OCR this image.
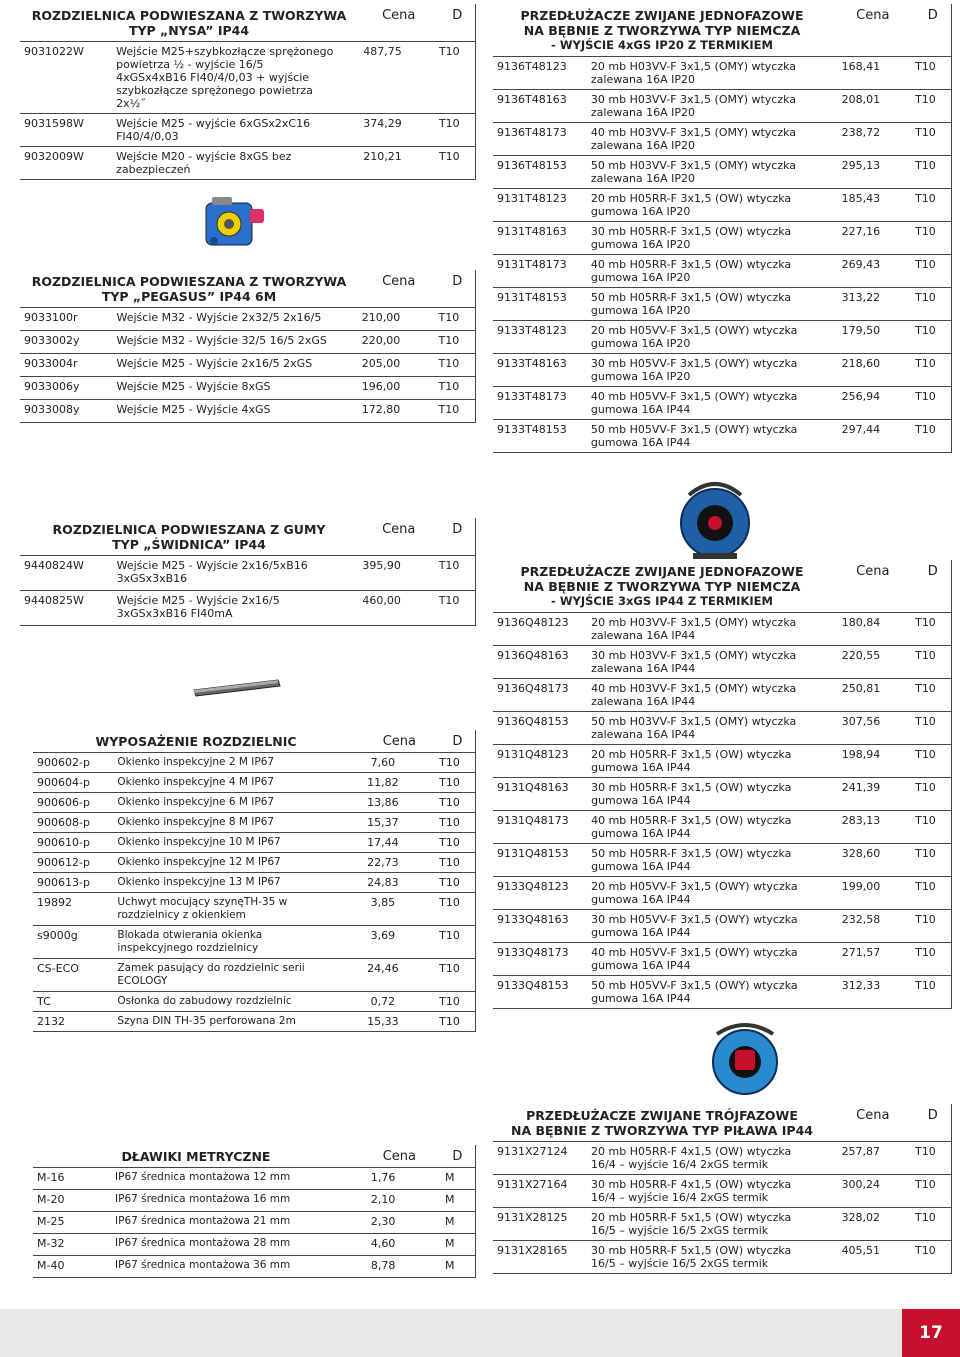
ROZDZIELNICA PODWIESZANA Z TWORZYWA
TYP „NYSA” IP44
	Cena	D
9031022W	Wejście M25+szybkozłącze sprężonego powietrza ½ - wyjście 16/5 4xGSx4xB16 FI40/4/0,03 + wyjście szybkozłącze sprężonego powietrza 2x½˝	487,75	T10
9031598W	Wejście M25 - wyjście 6xGSx2xC16 FI40/4/0,03	374,29	T10
9032009W	Wejście M20 - wyjście 8xGS bez zabezpieczeń	210,21	T10
ROZDZIELNICA PODWIESZANA Z TWORZYWA
TYP „PEGASUS” IP44 6M
	Cena	D
9033100r	Wejście M32 - Wyjście 2x32/5 2x16/5	210,00	T10
9033002y	Wejście M32 - Wyjście 32/5 16/5 2xGS	220,00	T10
9033004r	Wejście M25 - Wyjście 2x16/5 2xGS	205,00	T10
9033006y	Wejście M25 - Wyjście 8xGS	196,00	T10
9033008y	Wejście M25 - Wyjście 4xGS	172,80	T10
PRZEDŁUŻACZE ZWIJANE JEDNOFAZOWE
NA BĘBNIE Z TWORZYWA TYP NIEMCZA
- WYJŚCIE 4xGS IP20 Z TERMIKIEM
	Cena	D
9136T48123	20 mb H03VV-F 3x1,5 (OMY) wtyczka zalewana 16A IP20	168,41	T10
9136T48163	30 mb H03VV-F 3x1,5 (OMY) wtyczka zalewana 16A IP20	208,01	T10
9136T48173	40 mb H03VV-F 3x1,5 (OMY) wtyczka zalewana 16A IP20	238,72	T10
9136T48153	50 mb H03VV-F 3x1,5 (OMY) wtyczka zalewana 16A IP20	295,13	T10
9131T48123	20 mb H05RR-F 3x1,5 (OW) wtyczka gumowa 16A IP20	185,43	T10
9131T48163	30 mb H05RR-F 3x1,5 (OW) wtyczka gumowa 16A IP20	227,16	T10
9131T48173	40 mb H05RR-F 3x1,5 (OW) wtyczka gumowa 16A IP20	269,43	T10
9131T48153	50 mb H05RR-F 3x1,5 (OW) wtyczka gumowa 16A IP20	313,22	T10
9133T48123	20 mb H05VV-F 3x1,5 (OWY) wtyczka gumowa 16A IP20	179,50	T10
9133T48163	30 mb H05VV-F 3x1,5 (OWY) wtyczka gumowa 16A IP20	218,60	T10
9133T48173	40 mb H05VV-F 3x1,5 (OWY) wtyczka gumowa 16A IP44	256,94	T10
9133T48153	50 mb H05VV-F 3x1,5 (OWY) wtyczka gumowa 16A IP44	297,44	T10
ROZDZIELNICA PODWIESZANA Z GUMY
TYP „ŚWIDNICA” IP44
	Cena	D
9440824W	Wejście M25 - Wyjście 2x16/5xB16 3xGSx3xB16	395,90	T10
9440825W	Wejście M25 - Wyjście 2x16/5 3xGSx3xB16 FI40mA	460,00	T10
WYPOSAŻENIE ROZDZIELNIC	Cena	D
900602-p	Okienko inspekcyjne 2 M IP67	7,60	T10
900604-p	Okienko inspekcyjne 4 M IP67	11,82	T10
900606-p	Okienko inspekcyjne 6 M IP67	13,86	T10
900608-p	Okienko inspekcyjne 8 M IP67	15,37	T10
900610-p	Okienko inspekcyjne 10 M IP67	17,44	T10
900612-p	Okienko inspekcyjne 12 M IP67	22,73	T10
900613-p	Okienko inspekcyjne 13 M IP67	24,83	T10
19892	Uchwyt mocujący szynęTH-35 w rozdzielnicy z okienkiem	3,85	T10
s9000g	Blokada otwierania okienka inspekcyjnego rozdzielnicy	3,69	T10
CS-ECO	Zamek pasujący do rozdzielnic serii ECOLOGY	24,46	T10
TC	Osłonka do zabudowy rozdzielnic	0,72	T10
2132	Szyna DIN TH-35 perforowana 2m	15,33	T10
PRZEDŁUŻACZE ZWIJANE JEDNOFAZOWE
NA BĘBNIE Z TWORZYWA TYP NIEMCZA
- WYJŚCIE 3xGS IP44 Z TERMIKIEM
	Cena	D
9136Q48123	20 mb H03VV-F 3x1,5 (OMY) wtyczka zalewana 16A IP44	180,84	T10
9136Q48163	30 mb H03VV-F 3x1,5 (OMY) wtyczka zalewana 16A IP44	220,55	T10
9136Q48173	40 mb H03VV-F 3x1,5 (OMY) wtyczka zalewana 16A IP44	250,81	T10
9136Q48153	50 mb H03VV-F 3x1,5 (OMY) wtyczka zalewana 16A IP44	307,56	T10
9131Q48123	20 mb H05RR-F 3x1,5 (OW) wtyczka gumowa 16A IP44	198,94	T10
9131Q48163	30 mb H05RR-F 3x1,5 (OW) wtyczka gumowa 16A IP44	241,39	T10
9131Q48173	40 mb H05RR-F 3x1,5 (OW) wtyczka gumowa 16A IP44	283,13	T10
9131Q48153	50 mb H05RR-F 3x1,5 (OW) wtyczka gumowa 16A IP44	328,60	T10
9133Q48123	20 mb H05VV-F 3x1,5 (OWY) wtyczka gumowa 16A IP44	199,00	T10
9133Q48163	30 mb H05VV-F 3x1,5 (OWY) wtyczka gumowa 16A IP44	232,58	T10
9133Q48173	40 mb H05VV-F 3x1,5 (OWY) wtyczka gumowa 16A IP44	271,57	T10
9133Q48153	50 mb H05VV-F 3x1,5 (OWY) wtyczka gumowa 16A IP44	312,33	T10
DŁAWIKI METRYCZNE	Cena	D
M-16	IP67 średnica montażowa 12 mm	1,76	M
M-20	IP67 średnica montażowa 16 mm	2,10	M
M-25	IP67 średnica montażowa 21 mm	2,30	M
M-32	IP67 średnica montażowa 28 mm	4,60	M
M-40	IP67 średnica montażowa 36 mm	8,78	M
PRZEDŁUŻACZE ZWIJANE TRÓJFAZOWE
NA BĘBNIE Z TWORZYWA TYP PIŁAWA IP44
	Cena	D
9131X27124	20 mb H05RR-F 4x1,5 (OW) wtyczka 16/4 – wyjście 16/4 2xGS termik	257,87	T10
9131X27164	30 mb H05RR-F 4x1,5 (OW) wtyczka 16/4 – wyjście 16/4 2xGS termik	300,24	T10
9131X28125	20 mb H05RR-F 5x1,5 (OW) wtyczka 16/5 – wyjście 16/5 2xGS termik	328,02	T10
9131X28165	30 mb H05RR-F 5x1,5 (OW) wtyczka 16/5 – wyjście 16/5 2xGS termik	405,51	T10
17
